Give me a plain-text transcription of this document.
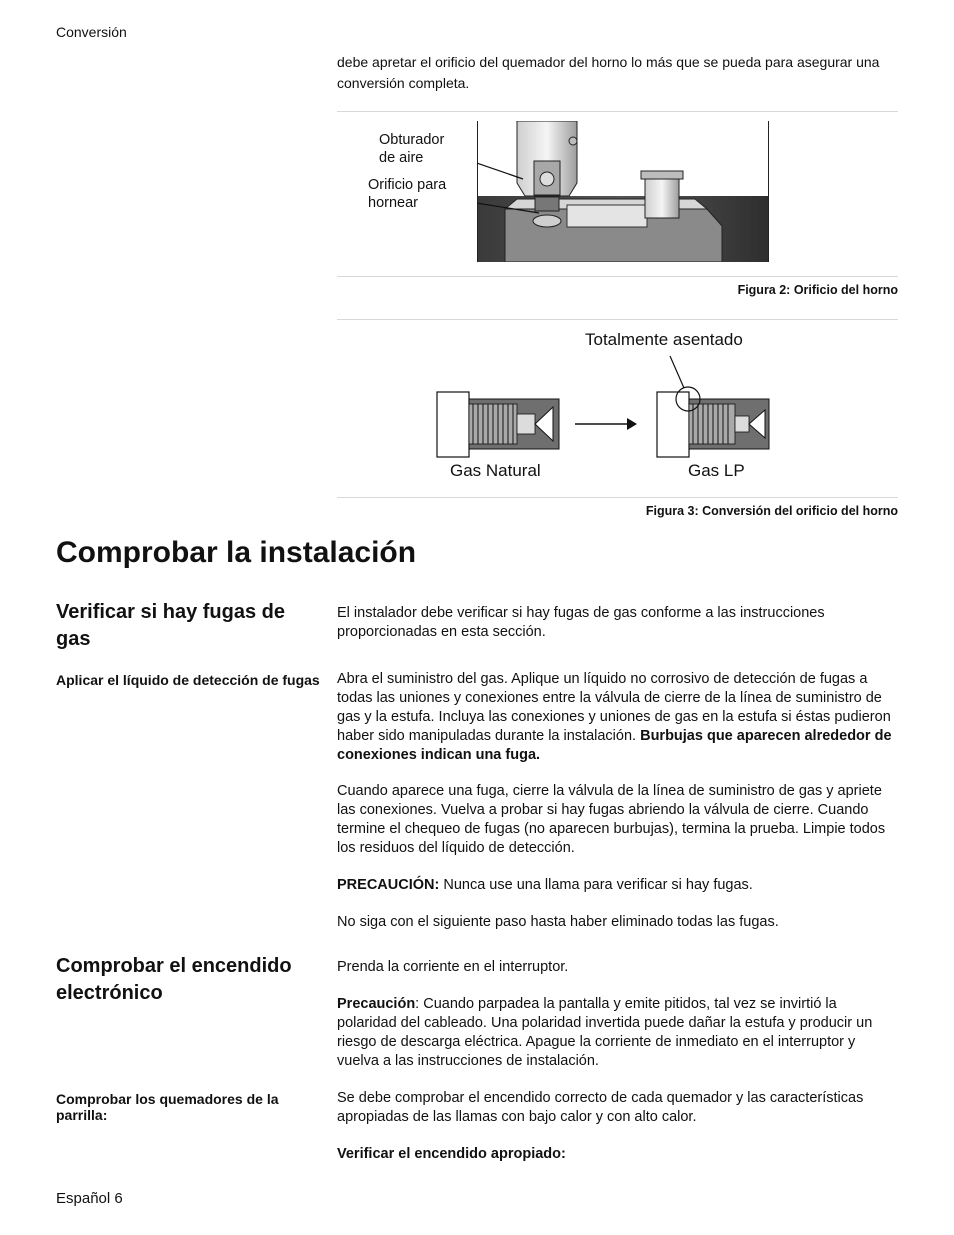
Conversión
debe apretar el orificio del quemador del horno lo más que se pueda para asegurar una conversión completa.
Obturador
de aire
Orificio para
hornear
Figura 2: Orificio del horno
Totalmente asentado
Gas Natural	Gas LP
Figura 3: Conversión del orificio del horno
Comprobar la instalación
Verificar si hay fugas de gas
El instalador debe verificar si hay fugas de gas conforme a las instrucciones proporcionadas en esta sección.
Aplicar el líquido de detección de fugas Abra el suministro del gas. Aplique un líquido no corrosivo de detección de fugas a todas las uniones y conexiones entre la válvula de cierre de la línea de suministro de gas y la estufa. Incluya las conexiones y uniones de gas en la estufa si éstas pudieron haber sido manipuladas durante la instalación. Burbujas que aparecen alrededor de conexiones indican una fuga.
Cuando aparece una fuga, cierre la válvula de la línea de suministro de gas y apriete las conexiones. Vuelva a probar si hay fugas abriendo la válvula de cierre. Cuando termine el chequeo de fugas (no aparecen burbujas), termina la prueba. Limpie todos los residuos del líquido de detección.
PRECAUCIÓN: Nunca use una llama para verificar si hay fugas.
No siga con el siguiente paso hasta haber eliminado todas las fugas.
Comprobar el encendido electrónico
Prenda la corriente en el interruptor.
Precaución: Cuando parpadea la pantalla y emite pitidos, tal vez se invirtió la polaridad del cableado. Una polaridad invertida puede dañar la estufa y producir un riesgo de descarga eléctrica. Apague la corriente de inmediato en el interruptor y vuelva a las instrucciones de instalación.
Comprobar los quemadores de la parrilla:
Se debe comprobar el encendido correcto de cada quemador y las características apropiadas de las llamas con bajo calor y con alto calor.
Verificar el encendido apropiado:
Español 6
